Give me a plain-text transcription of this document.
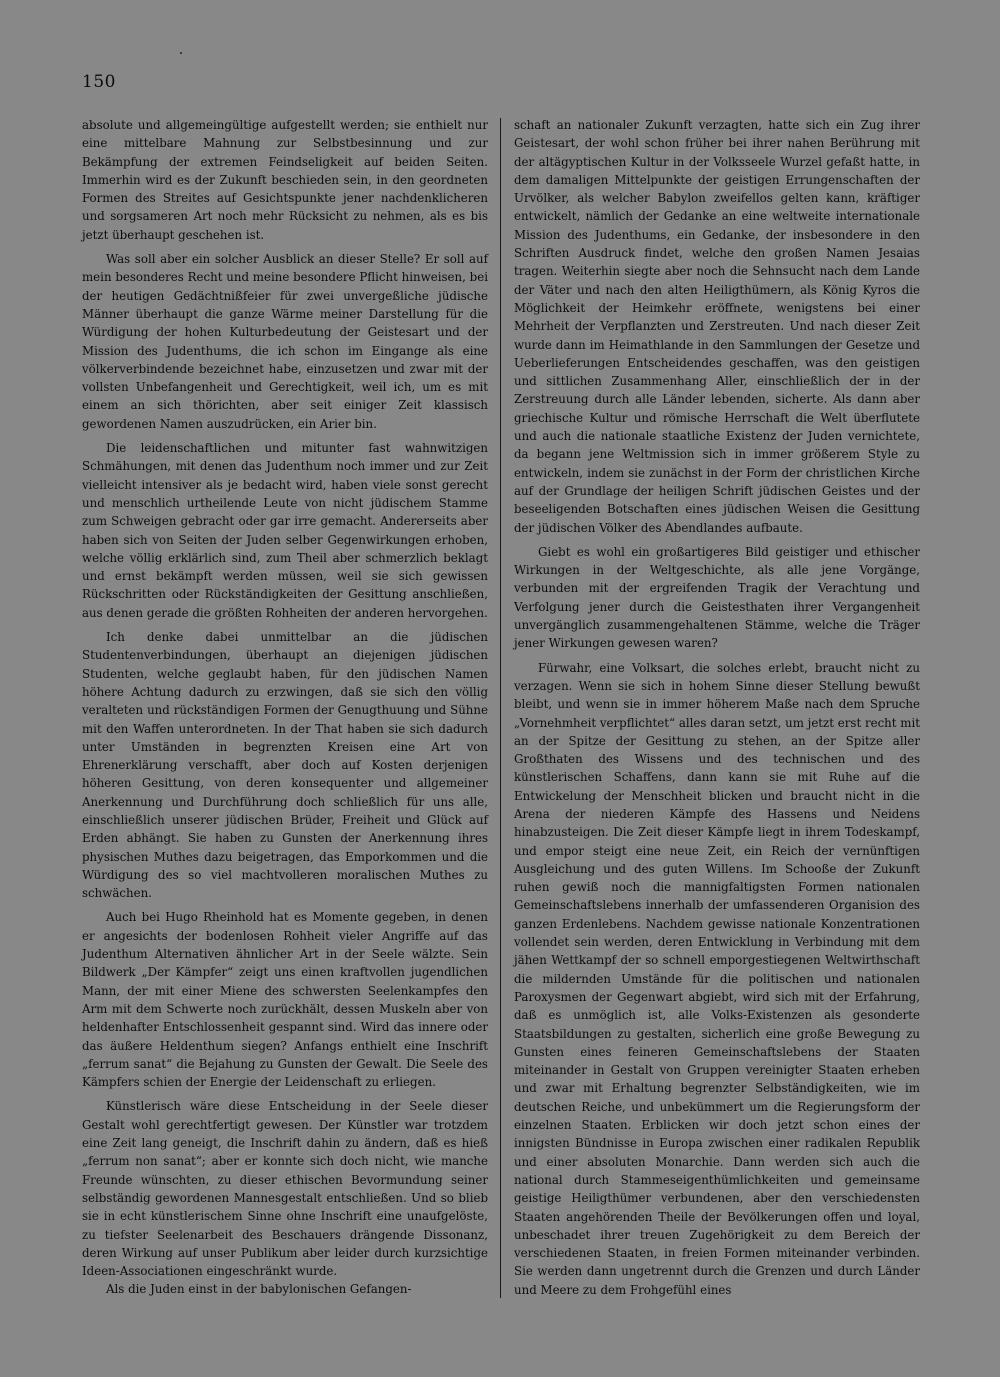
150

absolute und allgemeingültige aufgestellt werden; sie enthielt nur eine mittelbare Mahnung zur Selbstbesinnung und zur Bekämpfung der extremen Feindseligkeit auf beiden Seiten. Immerhin wird es der Zukunft beschieden sein, in den geordneten Formen des Streites auf Gesichtspunkte jener nachdenklicheren und sorgsameren Art noch mehr Rücksicht zu nehmen, als es bis jetzt überhaupt geschehen ist.

Was soll aber ein solcher Ausblick an dieser Stelle? Er soll auf mein besonderes Recht und meine besondere Pflicht hinweisen, bei der heutigen Gedächtnißfeier für zwei unvergeßliche jüdische Männer überhaupt die ganze Wärme meiner Darstellung für die Würdigung der hohen Kulturbedeutung der Geistesart und der Mission des Judenthums, die ich schon im Eingange als eine völkerverbindende bezeichnet habe, einzusetzen und zwar mit der vollsten Unbefangenheit und Gerechtigkeit, weil ich, um es mit einem an sich thörichten, aber seit einiger Zeit klassisch gewordenen Namen auszudrücken, ein Arier bin.

Die leidenschaftlichen und mitunter fast wahnwitzigen Schmähungen, mit denen das Judenthum noch immer und zur Zeit vielleicht intensiver als je bedacht wird, haben viele sonst gerecht und menschlich urtheilende Leute von nicht jüdischem Stamme zum Schweigen gebracht oder gar irre gemacht. Andererseits aber haben sich von Seiten der Juden selber Gegenwirkungen erhoben, welche völlig erklärlich sind, zum Theil aber schmerzlich beklagt und ernst bekämpft werden müssen, weil sie sich gewissen Rückschritten oder Rückständigkeiten der Gesittung anschließen, aus denen gerade die größten Rohheiten der anderen hervorgehen.

Ich denke dabei unmittelbar an die jüdischen Studentenverbindungen, überhaupt an diejenigen jüdischen Studenten, welche geglaubt haben, für den jüdischen Namen höhere Achtung dadurch zu erzwingen, daß sie sich den völlig veralteten und rückständigen Formen der Genugthuung und Sühne mit den Waffen unterordneten. In der That haben sie sich dadurch unter Umständen in begrenzten Kreisen eine Art von Ehrenerklärung verschafft, aber doch auf Kosten derjenigen höheren Gesittung, von deren konsequenter und allgemeiner Anerkennung und Durchführung doch schließlich für uns alle, einschließlich unserer jüdischen Brüder, Freiheit und Glück auf Erden abhängt. Sie haben zu Gunsten der Anerkennung ihres physischen Muthes dazu beigetragen, das Emporkommen und die Würdigung des so viel machtvolleren moralischen Muthes zu schwächen.

Auch bei Hugo Rheinhold hat es Momente gegeben, in denen er angesichts der bodenlosen Rohheit vieler Angriffe auf das Judenthum Alternativen ähnlicher Art in der Seele wälzte. Sein Bildwerk „Der Kämpfer“ zeigt uns einen kraftvollen jugendlichen Mann, der mit einer Miene des schwersten Seelenkampfes den Arm mit dem Schwerte noch zurückhält, dessen Muskeln aber von heldenhafter Entschlossenheit gespannt sind. Wird das innere oder das äußere Heldenthum siegen? Anfangs enthielt eine Inschrift „ferrum sanat“ die Bejahung zu Gunsten der Gewalt. Die Seele des Kämpfers schien der Energie der Leidenschaft zu erliegen.

Künstlerisch wäre diese Entscheidung in der Seele dieser Gestalt wohl gerechtfertigt gewesen. Der Künstler war trotzdem eine Zeit lang geneigt, die Inschrift dahin zu ändern, daß es hieß „ferrum non sanat“; aber er konnte sich doch nicht, wie manche Freunde wünschten, zu dieser ethischen Bevormundung seiner selbständig gewordenen Mannesgestalt entschließen. Und so blieb sie in echt künstlerischem Sinne ohne Inschrift eine unaufgelöste, zu tiefster Seelenarbeit des Beschauers drängende Dissonanz, deren Wirkung auf unser Publikum aber leider durch kurzsichtige Ideen-Associationen eingeschränkt wurde.

Als die Juden einst in der babylonischen Gefangen-

schaft an nationaler Zukunft verzagten, hatte sich ein Zug ihrer Geistesart, der wohl schon früher bei ihrer nahen Berührung mit der altägyptischen Kultur in der Volksseele Wurzel gefaßt hatte, in dem damaligen Mittelpunkte der geistigen Errungenschaften der Urvölker, als welcher Babylon zweifellos gelten kann, kräftiger entwickelt, nämlich der Gedanke an eine weltweite internationale Mission des Judenthums, ein Gedanke, der insbesondere in den Schriften Ausdruck findet, welche den großen Namen Jesaias tragen. Weiterhin siegte aber noch die Sehnsucht nach dem Lande der Väter und nach den alten Heiligthümern, als König Kyros die Möglichkeit der Heimkehr eröffnete, wenigstens bei einer Mehrheit der Verpflanzten und Zerstreuten. Und nach dieser Zeit wurde dann im Heimathlande in den Sammlungen der Gesetze und Ueberlieferungen Entscheidendes geschaffen, was den geistigen und sittlichen Zusammenhang Aller, einschließlich der in der Zerstreuung durch alle Länder lebenden, sicherte. Als dann aber griechische Kultur und römische Herrschaft die Welt überflutete und auch die nationale staatliche Existenz der Juden vernichtete, da begann jene Weltmission sich in immer größerem Style zu entwickeln, indem sie zunächst in der Form der christlichen Kirche auf der Grundlage der heiligen Schrift jüdischen Geistes und der beseeligenden Botschaften eines jüdischen Weisen die Gesittung der jüdischen Völker des Abendlandes aufbaute.

Giebt es wohl ein großartigeres Bild geistiger und ethischer Wirkungen in der Weltgeschichte, als alle jene Vorgänge, verbunden mit der ergreifenden Tragik der Verachtung und Verfolgung jener durch die Geistesthaten ihrer Vergangenheit unvergänglich zusammengehaltenen Stämme, welche die Träger jener Wirkungen gewesen waren?

Fürwahr, eine Volksart, die solches erlebt, braucht nicht zu verzagen. Wenn sie sich in hohem Sinne dieser Stellung bewußt bleibt, und wenn sie in immer höherem Maße nach dem Spruche „Vornehmheit verpflichtet“ alles daran setzt, um jetzt erst recht mit an der Spitze der Gesittung zu stehen, an der Spitze aller Großthaten des Wissens und des technischen und des künstlerischen Schaffens, dann kann sie mit Ruhe auf die Entwickelung der Menschheit blicken und braucht nicht in die Arena der niederen Kämpfe des Hassens und Neidens hinabzusteigen. Die Zeit dieser Kämpfe liegt in ihrem Todeskampf, und empor steigt eine neue Zeit, ein Reich der vernünftigen Ausgleichung und des guten Willens. Im Schooße der Zukunft ruhen gewiß noch die mannigfaltigsten Formen nationalen Gemeinschaftslebens innerhalb der umfassenderen Organision des ganzen Erdenlebens. Nachdem gewisse nationale Konzentrationen vollendet sein werden, deren Entwicklung in Verbindung mit dem jähen Wettkampf der so schnell emporgestiegenen Weltwirthschaft die mildernden Umstände für die politischen und nationalen Paroxysmen der Gegenwart abgiebt, wird sich mit der Erfahrung, daß es unmöglich ist, alle Volks-Existenzen als gesonderte Staatsbildungen zu gestalten, sicherlich eine große Bewegung zu Gunsten eines feineren Gemeinschaftslebens der Staaten miteinander in Gestalt von Gruppen vereinigter Staaten erheben und zwar mit Erhaltung begrenzter Selbständigkeiten, wie im deutschen Reiche, und unbekümmert um die Regierungsform der einzelnen Staaten. Erblicken wir doch jetzt schon eines der innigsten Bündnisse in Europa zwischen einer radikalen Republik und einer absoluten Monarchie. Dann werden sich auch die national durch Stammeseigenthümlichkeiten und gemeinsame geistige Heiligthümer verbundenen, aber den verschiedensten Staaten angehörenden Theile der Bevölkerungen offen und loyal, unbeschadet ihrer treuen Zugehörigkeit zu dem Bereich der verschiedenen Staaten, in freien Formen miteinander verbinden. Sie werden dann ungetrennt durch die Grenzen und durch Länder und Meere zu dem Frohgefühl eines
